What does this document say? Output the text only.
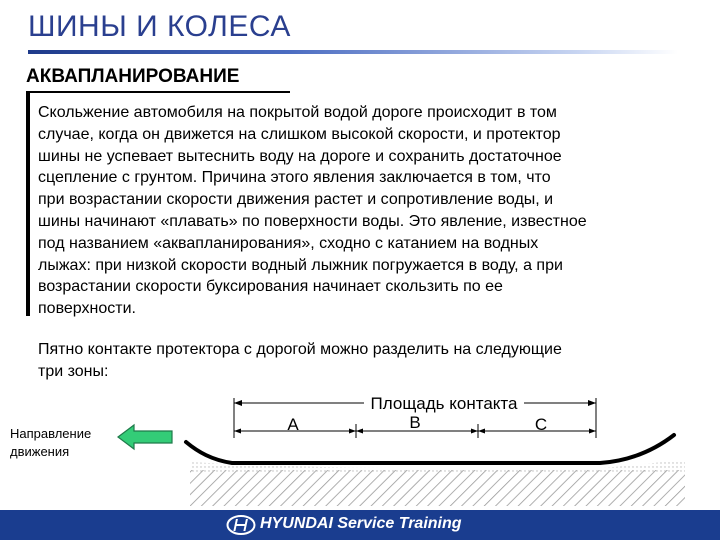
ШИНЫ И КОЛЕСА
АКВАПЛАНИРОВАНИЕ
Скольжение автомобиля на покрытой водой дороге происходит в том
случае, когда он движется на слишком высокой скорости, и протектор
шины не успевает вытеснить воду на дороге и сохранить достаточное
сцепление с грунтом. Причина этого явления заключается в том, что
при возрастании скорости движения растет и сопротивление воды, и
шины начинают «плавать» по поверхности воды. Это явление, известное
под названием «аквапланирования», сходно с катанием на водных
лыжах: при низкой скорости водный лыжник погружается в воду, а при
возрастании скорости буксирования начинает скользить по ее
поверхности.
Пятно контакте протектора с дорогой можно разделить на следующие
три зоны:
Направление
движения
Площадь контакта
A	B	C
HYUNDAI Service Training
